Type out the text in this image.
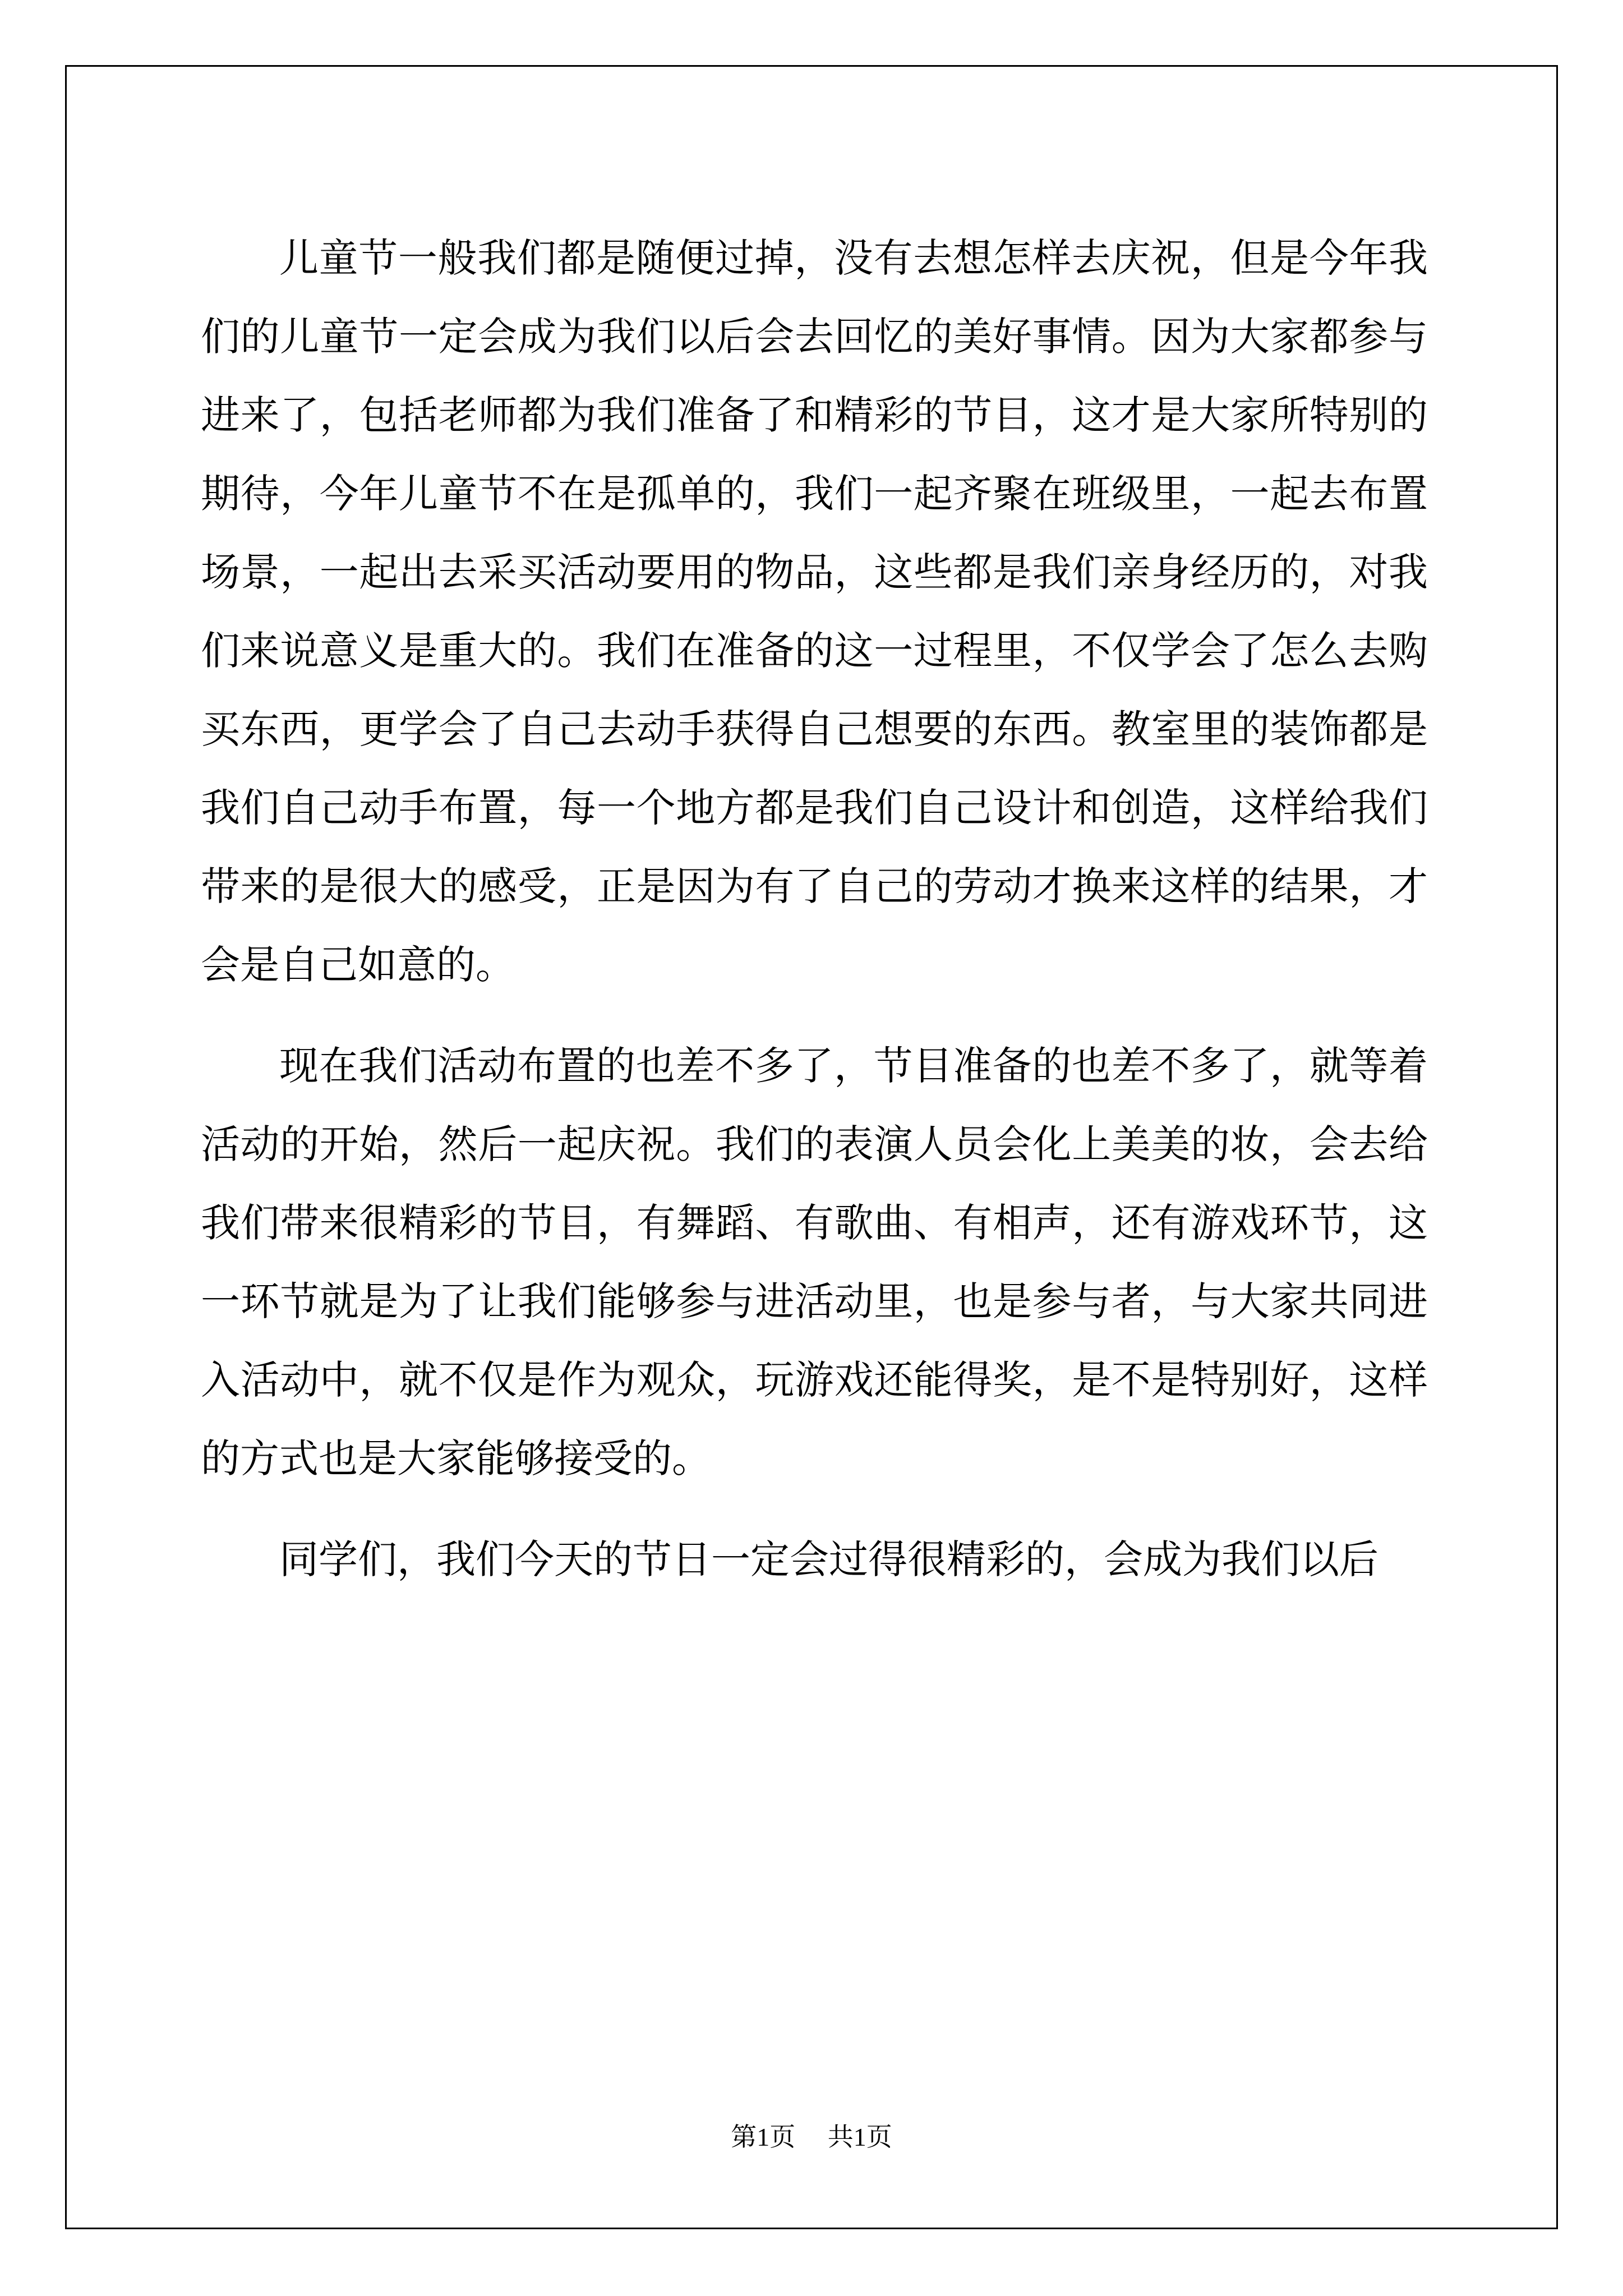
儿童节一般我们都是随便过掉，没有去想怎样去庆祝，但是今年我们的儿童节一定会成为我们以后会去回忆的美好事情。因为大家都参与进来了，包括老师都为我们准备了和精彩的节目，这才是大家所特别的期待，今年儿童节不在是孤单的，我们一起齐聚在班级里，一起去布置场景，一起出去采买活动要用的物品，这些都是我们亲身经历的，对我们来说意义是重大的。我们在准备的这一过程里，不仅学会了怎么去购买东西，更学会了自己去动手获得自己想要的东西。教室里的装饰都是我们自己动手布置，每一个地方都是我们自己设计和创造，这样给我们带来的是很大的感受，正是因为有了自己的劳动才换来这样的结果，才会是自己如意的。

现在我们活动布置的也差不多了，节目准备的也差不多了，就等着活动的开始，然后一起庆祝。我们的表演人员会化上美美的妆，会去给我们带来很精彩的节目，有舞蹈、有歌曲、有相声，还有游戏环节，这一环节就是为了让我们能够参与进活动里，也是参与者，与大家共同进入活动中，就不仅是作为观众，玩游戏还能得奖，是不是特别好，这样的方式也是大家能够接受的。

同学们，我们今天的节日一定会过得很精彩的，会成为我们以后

第1页 共1页
